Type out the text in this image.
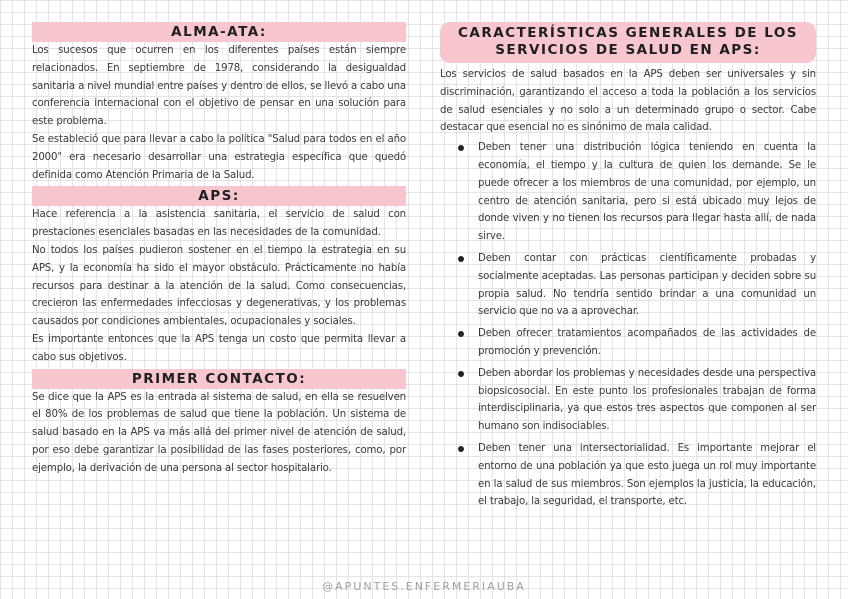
ALMA-ATA:

Los sucesos que ocurren en los diferentes países están siempre relacionados. En septiembre de 1978, considerando la desigualdad sanitaria a nivel mundial entre países y dentro de ellos, se llevó a cabo una conferencia internacional con el objetivo de pensar en una solución para este problema.

Se estableció que para llevar a cabo la política "Salud para todos en el año 2000" era necesario desarrollar una estrategia específica que quedó definida como Atención Primaria de la Salud.

APS:

Hace referencia a la asistencia sanitaria, el servicio de salud con prestaciones esenciales basadas en las necesidades de la comunidad.

No todos los países pudieron sostener en el tiempo la estrategia en su APS, y la economía ha sido el mayor obstáculo. Prácticamente no había recursos para destinar a la atención de la salud. Como consecuencias, crecieron las enfermedades infecciosas y degenerativas, y los problemas causados por condiciones ambientales, ocupacionales y sociales.

Es importante entonces que la APS tenga un costo que permita llevar a cabo sus objetivos.

PRIMER CONTACTO:

Se dice que la APS es la entrada al sistema de salud, en ella se resuelven el 80% de los problemas de salud que tiene la población. Un sistema de salud basado en la APS va más allá del primer nivel de atención de salud, por eso debe garantizar la posibilidad de las fases posteriores, como, por ejemplo, la derivación de una persona al sector hospitalario.

CARACTERÍSTICAS GENERALES DE LOS SERVICIOS DE SALUD EN APS:

Los servicios de salud basados en la APS deben ser universales y sin discriminación, garantizando el acceso a toda la población a los servicios de salud esenciales y no solo a un determinado grupo o sector. Cabe destacar que esencial no es sinónimo de mala calidad.

Deben tener una distribución lógica teniendo en cuenta la economía, el tiempo y la cultura de quien los demande. Se le puede ofrecer a los miembros de una comunidad, por ejemplo, un centro de atención sanitaria, pero si está ubicado muy lejos de donde viven y no tienen los recursos para llegar hasta allí, de nada sirve.
Deben contar con prácticas científicamente probadas y socialmente aceptadas. Las personas participan y deciden sobre su propia salud. No tendría sentido brindar a una comunidad un servicio que no va a aprovechar.
Deben ofrecer tratamientos acompañados de las actividades de promoción y prevención.
Deben abordar los problemas y necesidades desde una perspectiva biopsicosocial. En este punto los profesionales trabajan de forma interdisciplinaria, ya que estos tres aspectos que componen al ser humano son indisociables.
Deben tener una intersectorialidad. Es importante mejorar el entorno de una población ya que esto juega un rol muy importante en la salud de sus miembros. Son ejemplos la justicia, la educación, el trabajo, la seguridad, el transporte, etc.
@APUNTES.ENFERMERIAUBA
